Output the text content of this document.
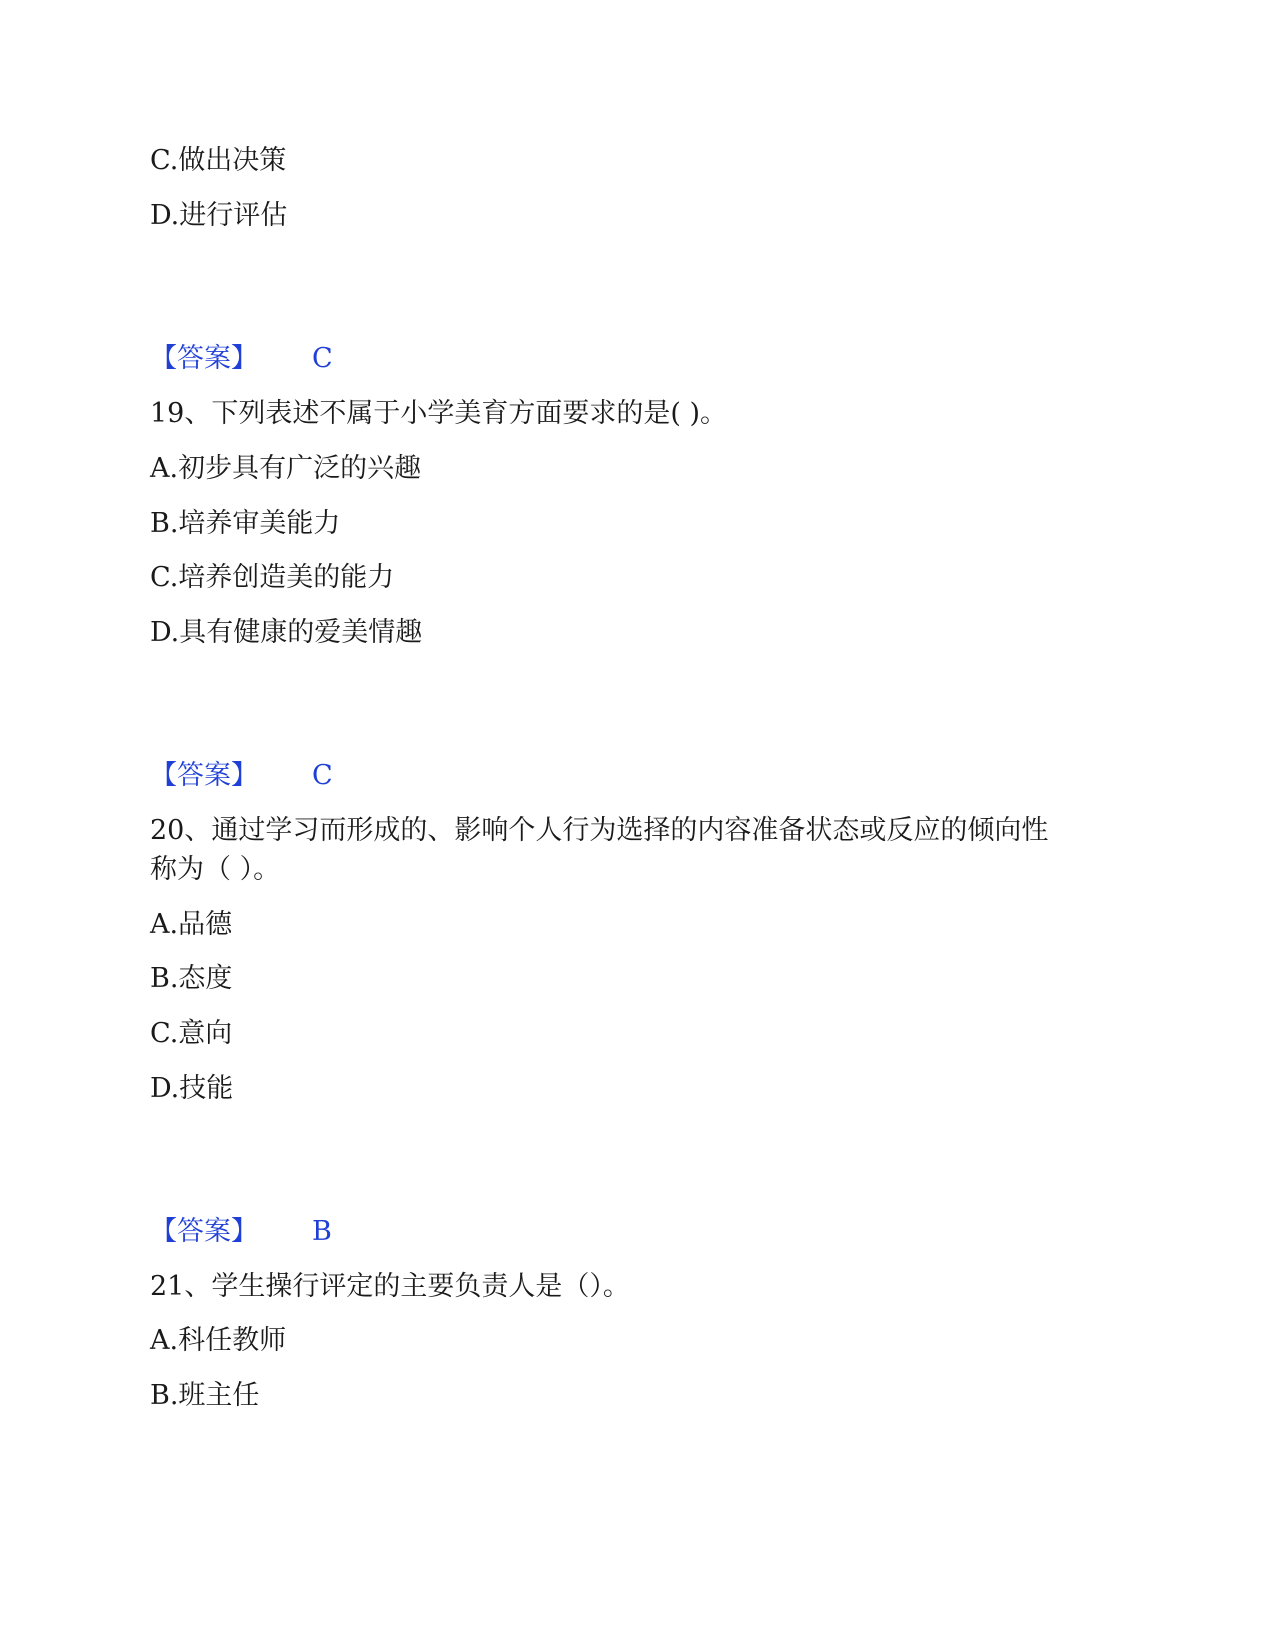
C.做出决策

D.进行评估

【答案】 C

19、下列表述不属于小学美育方面要求的是( )。

A.初步具有广泛的兴趣

B.培养审美能力

C.培养创造美的能力

D.具有健康的爱美情趣

【答案】 C

20、通过学习而形成的、影响个人行为选择的内容准备状态或反应的倾向性

称为（ ）。

A.品德

B.态度

C.意向

D.技能

【答案】 B

21、学生操行评定的主要负责人是（）。

A.科任教师

B.班主任
